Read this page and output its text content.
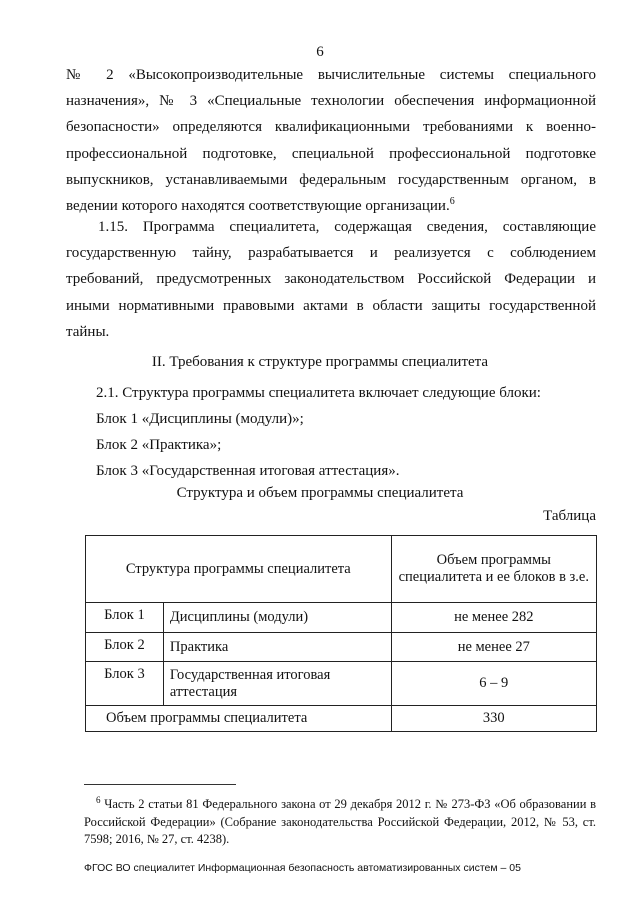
6

№ 2 «Высокопроизводительные вычислительные системы специального назначения», № 3 «Специальные технологии обеспечения информационной безопасности» определяются квалификационными требованиями к военно-профессиональной подготовке, специальной профессиональной подготовке выпускников, устанавливаемыми федеральным государственным органом, в ведении которого находятся соответствующие организации.$^6$

1.15. Программа специалитета, содержащая сведения, составляющие государственную тайну, разрабатывается и реализуется с соблюдением требований, предусмотренных законодательством Российской Федерации и иными нормативными правовыми актами в области защиты государственной тайны.

II. Требования к структуре программы специалитета

2.1. Структура программы специалитета включает следующие блоки:

Блок 1 «Дисциплины (модули)»;

Блок 2 «Практика»;

Блок 3 «Государственная итоговая аттестация».

Структура и объем программы специалитета

Таблица

Структура программы специалитета		Объем программы специалитета и ее блоков в з.е.
Блок 1	Дисциплины (модули)	не менее 282
Блок 2	Практика	не менее 27
Блок 3	Государственная итоговая аттестация	6 – 9
Объем программы специалитета		330

$^6$ Часть 2 статьи 81 Федерального закона от 29 декабря 2012 г. № 273-ФЗ «Об образовании в Российской Федерации» (Собрание законодательства Российской Федерации, 2012, № 53, ст. 7598; 2016, № 27, ст. 4238).

ФГОС ВО специалитет Информационная безопасность автоматизированных систем – 05
